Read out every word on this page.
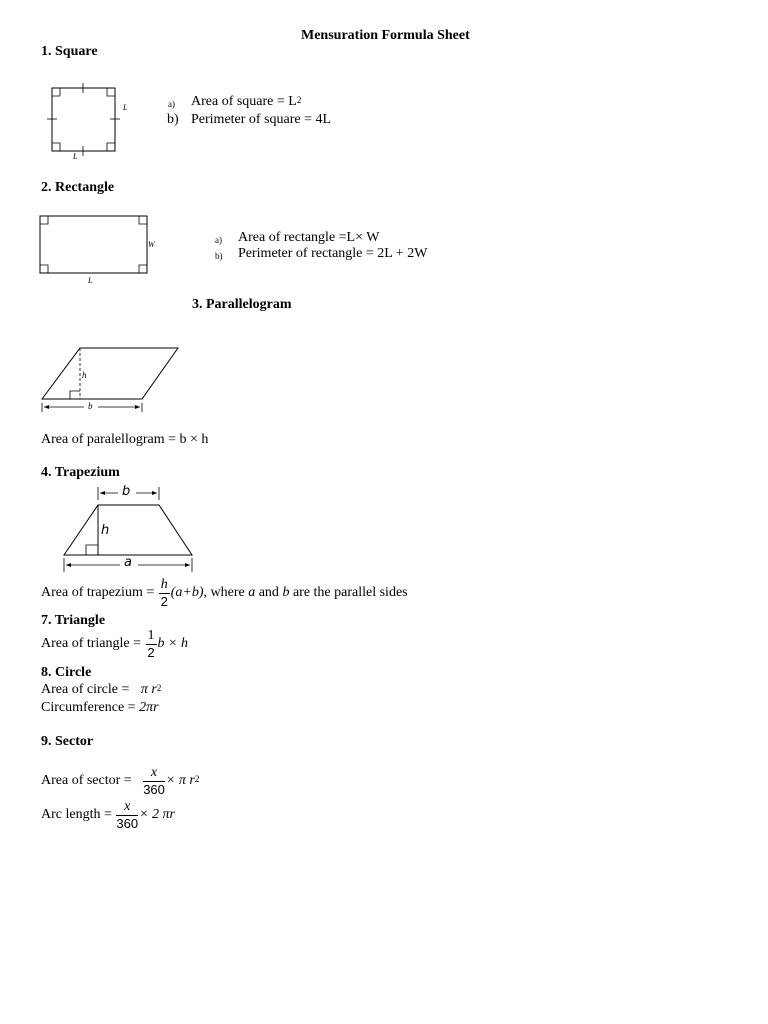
Mensuration Formula Sheet
1. Square
L
L
a) Area of square = $L^2$
b) Perimeter of square = 4L
2. Rectangle
W
L
a) Area of rectangle =L× W
b) Perimeter of rectangle = 2L + 2W
3. Parallelogram
h
b
Area of paralellogram = b × h
4. Trapezium
b
h
a
Area of trapezium = $\frac{h}{2} (a+b)$, where a and b are the parallel sides
7. Triangle
Area of triangle = $\frac{1}{2}$ b × h
8. Circle
Area of circle = π $r^2$
Circumference = 2πr
9. Sector
Area of sector = $\frac{x}{360} \times \pi$ $r^2$
Arc length = $\frac{x}{360} \times 2$ πr
